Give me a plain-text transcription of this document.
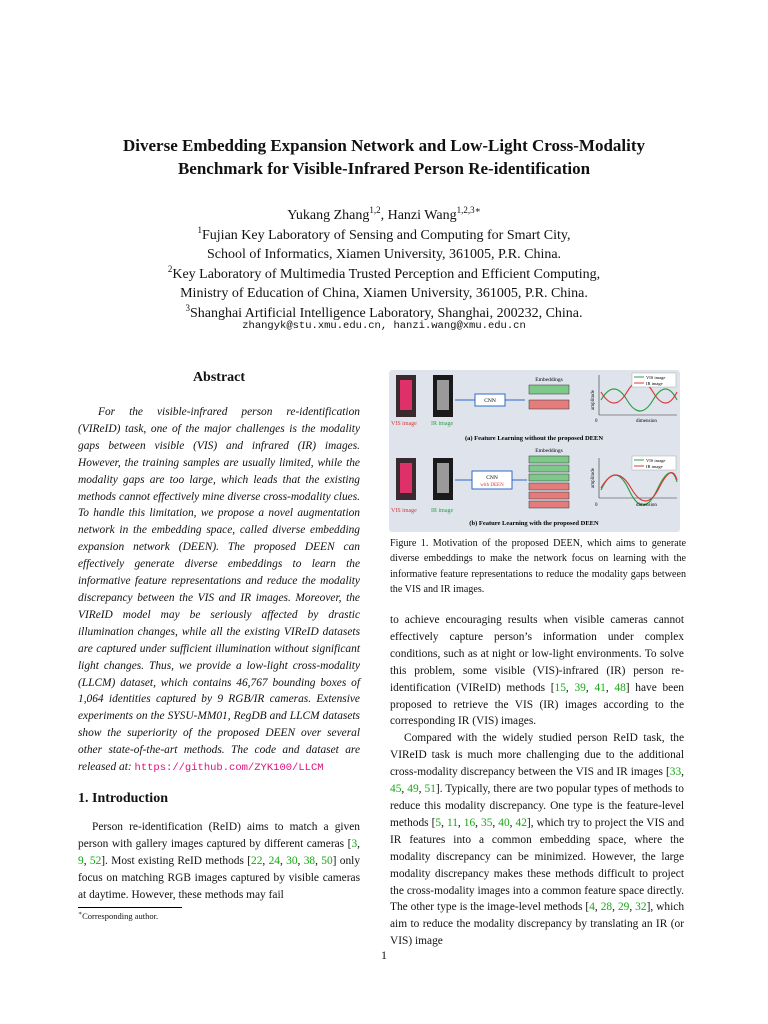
Diverse Embedding Expansion Network and Low-Light Cross-Modality
Benchmark for Visible-Infrared Person Re-identification
Yukang Zhang$^{1,2}$, Hanzi Wang$^{1,2,3∗}$
$^1$Fujian Key Laboratory of Sensing and Computing for Smart City,
School of Informatics, Xiamen University, 361005, P.R. China.
$^2$Key Laboratory of Multimedia Trusted Perception and Efficient Computing,
Ministry of Education of China, Xiamen University, 361005, P.R. China.
$^3$Shanghai Artificial Intelligence Laboratory, Shanghai, 200232, China.
zhangyk@stu.xmu.edu.cn, hanzi.wang@xmu.edu.cn
Abstract
For the visible-infrared person re-identification (VIReID) task, one of the major challenges is the modality gaps between visible (VIS) and infrared (IR) images. However, the training samples are usually limited, while the modality gaps are too large, which leads that the existing methods cannot effectively mine diverse cross-modality clues. To handle this limitation, we propose a novel augmentation network in the embedding space, called diverse embedding expansion network (DEEN). The proposed DEEN can effectively generate diverse embeddings to learn the informative feature representations and reduce the modality discrepancy between the VIS and IR images. Moreover, the VIReID model may be seriously affected by drastic illumination changes, while all the existing VIReID datasets are captured under sufficient illumination without significant light changes. Thus, we provide a low-light cross-modality (LLCM) dataset, which contains 46,767 bounding boxes of 1,064 identities captured by 9 RGB/IR cameras. Extensive experiments on the SYSU-MM01, RegDB and LLCM datasets show the superiority of the proposed DEEN over several other state-of-the-art methods. The code and dataset are released at: https://github.com/ZYK100/LLCM
1. Introduction
Person re-identification (ReID) aims to match a given person with gallery images captured by different cameras [3, 9, 52]. Most existing ReID methods [22, 24, 30, 38, 50] only focus on matching RGB images captured by visible cameras at daytime. However, these methods may fail
∗Corresponding author.
VIS image IR image
CNN
Embeddings
amplitude
VIS image
IR image
0	dimension
(a) Feature Learning without the proposed DEEN
VIS image IR image
CNN
with DEEN
Embeddings
amplitude
VIS image
IR image
0	dimension
(b) Feature Learning with the proposed DEEN
Figure 1. Motivation of the proposed DEEN, which aims to generate diverse embeddings to make the network focus on learning with the informative feature representations to reduce the modality gaps between the VIS and IR images.

to achieve encouraging results when visible cameras cannot effectively capture person’s information under complex conditions, such as at night or low-light environments. To solve this problem, some visible (VIS)-infrared (IR) person re-identification (VIReID) methods [15, 39, 41, 48] have been proposed to retrieve the VIS (IR) images according to the corresponding IR (VIS) images.

Compared with the widely studied person ReID task, the VIReID task is much more challenging due to the additional cross-modality discrepancy between the VIS and IR images [33, 45, 49, 51]. Typically, there are two popular types of methods to reduce this modality discrepancy. One type is the feature-level methods [5, 11, 16, 35, 40, 42], which try to project the VIS and IR features into a common embedding space, where the modality discrepancy can be minimized. However, the large modality discrepancy makes these methods difficult to project the cross-modality images into a common feature space directly. The other type is the image-level methods [4, 28, 29, 32], which aim to reduce the modality discrepancy by translating an IR (or VIS) image

1
